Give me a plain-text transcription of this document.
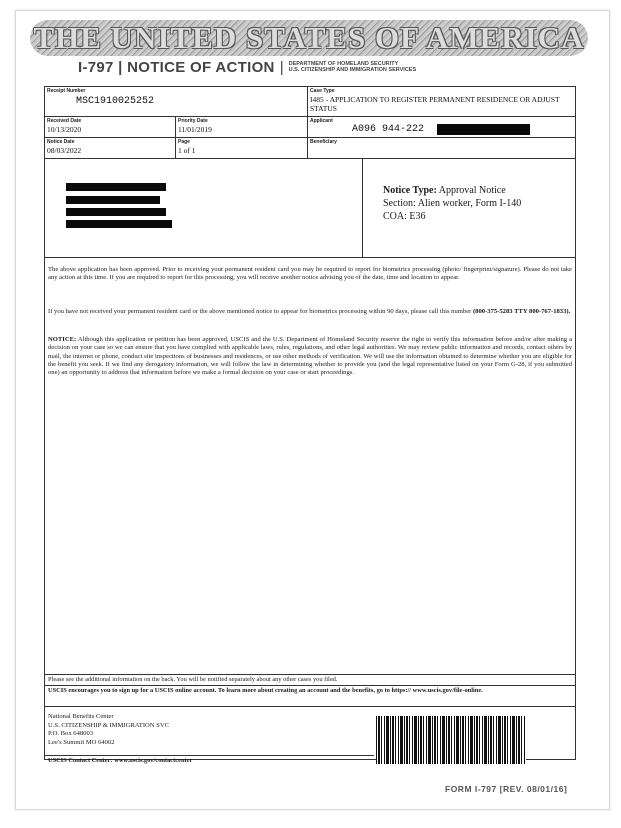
THE UNITED STATES OF AMERICA
I-797 | NOTICE OF ACTION | DEPARTMENT OF HOMELAND SECURITY
U.S. CITIZENSHIP AND IMMIGRATION SERVICES
Receipt Number
MSC1910025252
Case Type
I485 - APPLICATION TO REGISTER PERMANENT RESIDENCE OR ADJUST STATUS
Received Date
10/13/2020
Priority Date
11/01/2019
Applicant
A096 944-222
Notice Date
08/03/2022
Page
1 of 1
Beneficiary
Notice Type: Approval Notice
Section: Alien worker, Form I-140
COA: E36
The above application has been approved. Prior to receiving your permanent resident card you may be required to report for biometrics processing (photo/ fingerprint/signature). Please do not take any action at this time. If you are required to report for this processing, you will receive another notice advising you of the date, time and location to appear.
If you have not received your permanent resident card or the above mentioned notice to appear for biometrics processing within 90 days, please call this number (800-375-5283 TTY 800-767-1833).
NOTICE: Although this application or petition has been approved, USCIS and the U.S. Department of Homeland Security reserve the right to verify this information before and/or after making a decision on your case so we can ensure that you have complied with applicable laws, rules, regulations, and other legal authorities. We may review public information and records, contact others by mail, the internet or phone, conduct site inspections of businesses and residences, or use other methods of verification. We will use the information obtained to determine whether you are eligible for the benefit you seek. If we find any derogatory information, we will follow the law in determining whether to provide you (and the legal representative listed on your Form G-28, if you submitted one) an opportunity to address that information before we make a formal decision on your case or start proceedings.
Please see the additional information on the back. You will be notified separately about any other cases you filed.
USCIS encourages you to sign up for a USCIS online account. To learn more about creating an account and the benefits, go to https:// www.uscis.gov/file-online.
National Benefits Center
U.S. CITIZENSHIP & IMMIGRATION SVC
P.O. Box 648003
Lee's Summit MO 64002
USCIS Contact Center: www.uscis.gov/contactcenter
FORM I-797 [REV. 08/01/16]
